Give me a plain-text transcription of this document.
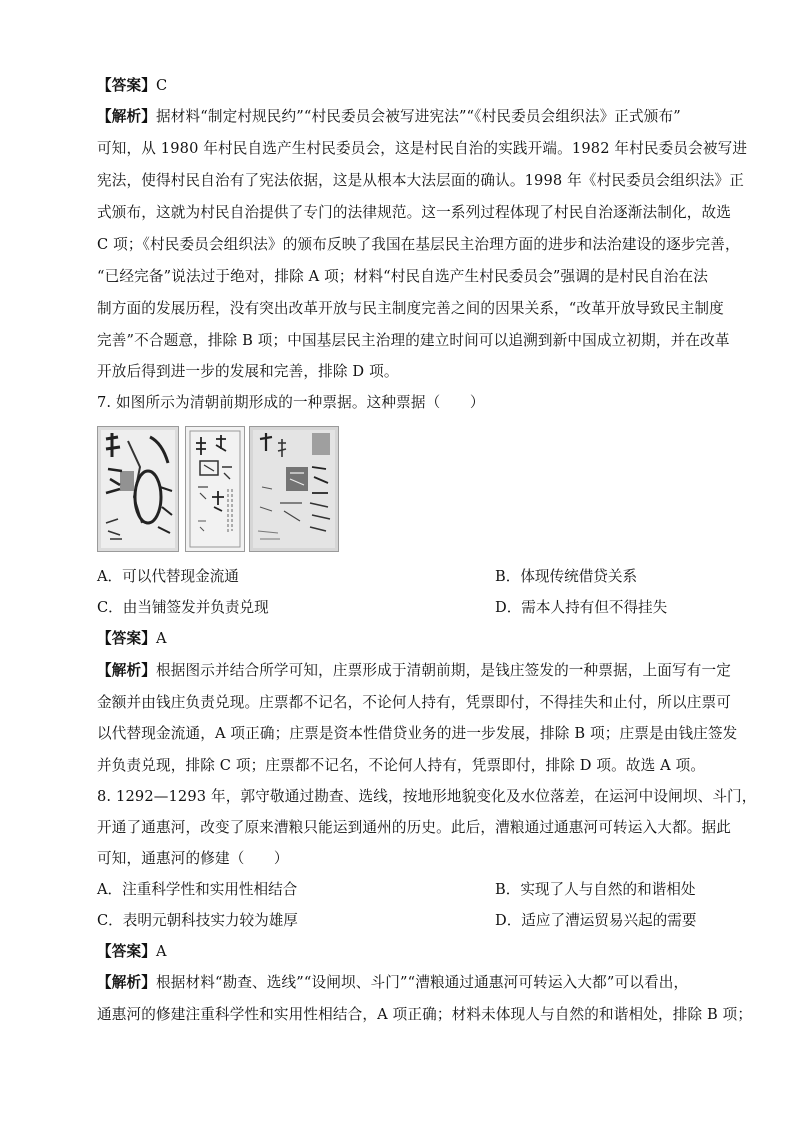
【答案】C
【解析】据材料“制定村规民约”“村民委员会被写进宪法”“《村民委员会组织法》正式颁布”
可知，从 1980 年村民自选产生村民委员会，这是村民自治的实践开端。1982 年村民委员会被写进
宪法，使得村民自治有了宪法依据，这是从根本大法层面的确认。1998 年《村民委员会组织法》正
式颁布，这就为村民自治提供了专门的法律规范。这一系列过程体现了村民自治逐渐法制化，故选
C 项；《村民委员会组织法》的颁布反映了我国在基层民主治理方面的进步和法治建设的逐步完善，
“已经完备”说法过于绝对，排除 A 项；材料“村民自选产生村民委员会”强调的是村民自治在法
制方面的发展历程，没有突出改革开放与民主制度完善之间的因果关系，“改革开放导致民主制度
完善”不合题意，排除 B 项；中国基层民主治理的建立时间可以追溯到新中国成立初期，并在改革
开放后得到进一步的发展和完善，排除 D 项。
7. 如图所示为清朝前期形成的一种票据。这种票据（　　）
A．可以代替现金流通	B．体现传统借贷关系
C．由当铺签发并负责兑现	D．需本人持有但不得挂失
【答案】A
【解析】根据图示并结合所学可知，庄票形成于清朝前期，是钱庄签发的一种票据，上面写有一定
金额并由钱庄负责兑现。庄票都不记名，不论何人持有，凭票即付，不得挂失和止付，所以庄票可
以代替现金流通，A 项正确；庄票是资本性借贷业务的进一步发展，排除 B 项；庄票是由钱庄签发
并负责兑现，排除 C 项；庄票都不记名，不论何人持有，凭票即付，排除 D 项。故选 A 项。
8. 1292—1293 年，郭守敬通过勘查、选线，按地形地貌变化及水位落差，在运河中设闸坝、斗门，
开通了通惠河，改变了原来漕粮只能运到通州的历史。此后，漕粮通过通惠河可转运入大都。据此
可知，通惠河的修建（　　）
A．注重科学性和实用性相结合	B．实现了人与自然的和谐相处
C．表明元朝科技实力较为雄厚	D．适应了漕运贸易兴起的需要
【答案】A
【解析】根据材料“勘查、选线”“设闸坝、斗门”“漕粮通过通惠河可转运入大都”可以看出，
通惠河的修建注重科学性和实用性相结合，A 项正确；材料未体现人与自然的和谐相处，排除 B 项；
